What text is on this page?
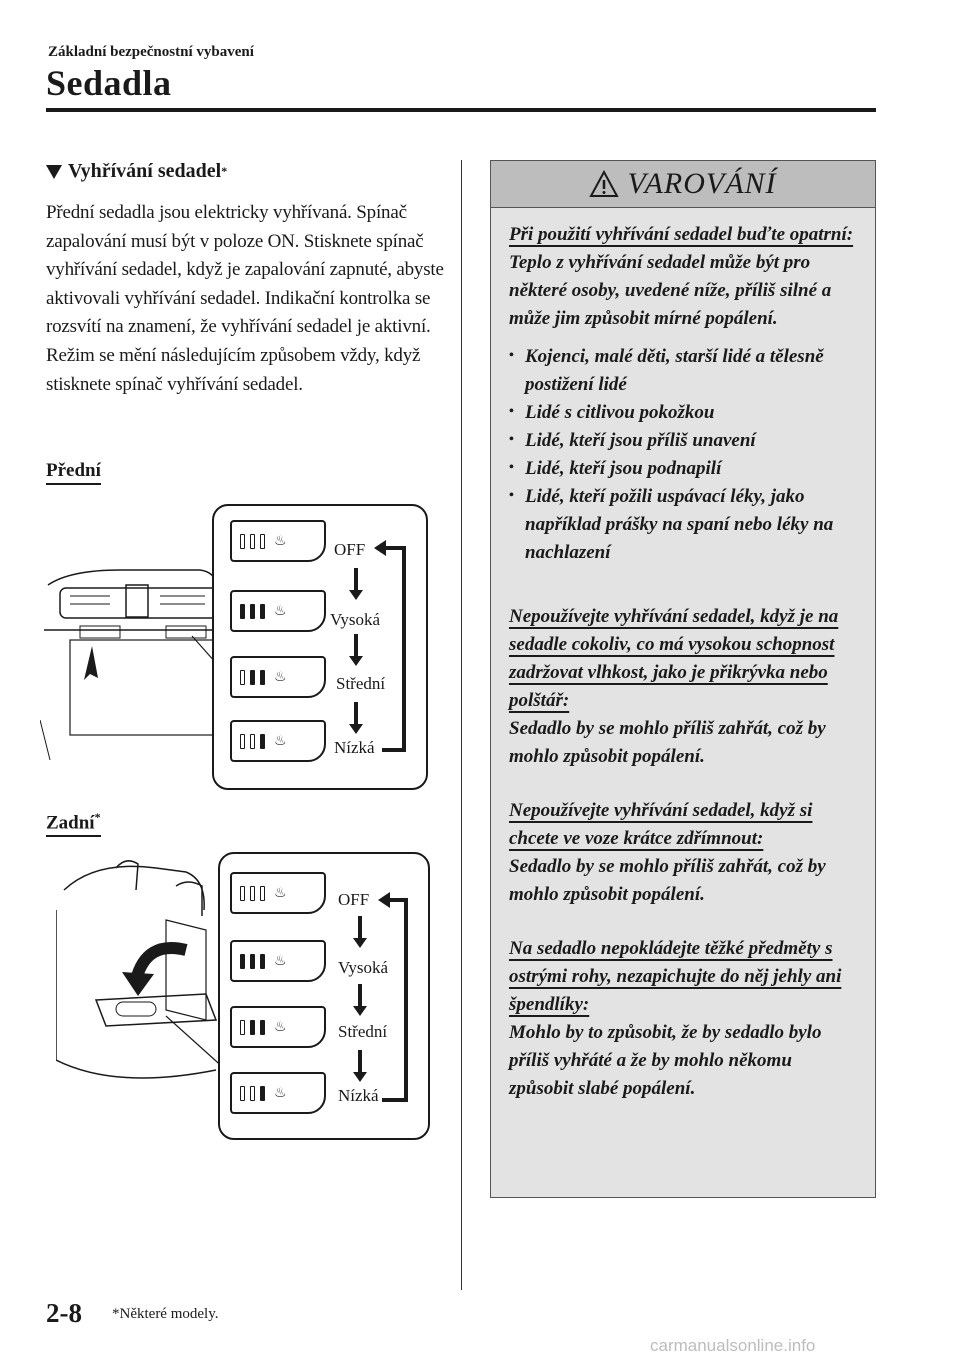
Základní bezpečnostní vybavení
Sedadla
Vyhřívání sedadel *
Přední sedadla jsou elektricky vyhřívaná. Spínač zapalování musí být v poloze ON. Stisknete spínač vyhřívání sedadel, když je zapalování zapnuté, abyste aktivovali vyhřívání sedadel. Indikační kontrolka se rozsvítí na znamení, že vyhřívání sedadel je aktivní. Režim se mění následujícím způsobem vždy, když stisknete spínač vyhřívání sedadel.
Přední
♨	OFF
♨	Vysoká
♨	Střední
♨	Nízká
Zadní*
♨	OFF
♨	Vysoká
♨	Střední
♨	Nízká
VAROVÁNÍ

Při použití vyhřívání sedadel buďte opatrní:

Teplo z vyhřívání sedadel může být pro některé osoby, uvedené níže, příliš silné a může jim způsobit mírné popálení.

• Kojenci, malé děti, starší lidé a tělesně postižení lidé
• Lidé s citlivou pokožkou
• Lidé, kteří jsou příliš unavení
• Lidé, kteří jsou podnapilí
• Lidé, kteří požili uspávací léky, jako například prášky na spaní nebo léky na nachlazení

Nepoužívejte vyhřívání sedadel, když je na sedadle cokoliv, co má vysokou schopnost zadržovat vlhkost, jako je přikrývka nebo polštář:

Sedadlo by se mohlo příliš zahřát, což by mohlo způsobit popálení.

Nepoužívejte vyhřívání sedadel, když si chcete ve voze krátce zdřímnout:

Sedadlo by se mohlo příliš zahřát, což by mohlo způsobit popálení.

Na sedadlo nepokládejte těžké předměty s ostrými rohy, nezapichujte do něj jehly ani špendlíky:

Mohlo by to způsobit, že by sedadlo bylo příliš vyhřáté a že by mohlo někomu způsobit slabé popálení.

2-8 *Některé modely.
carmanualsonline.info
